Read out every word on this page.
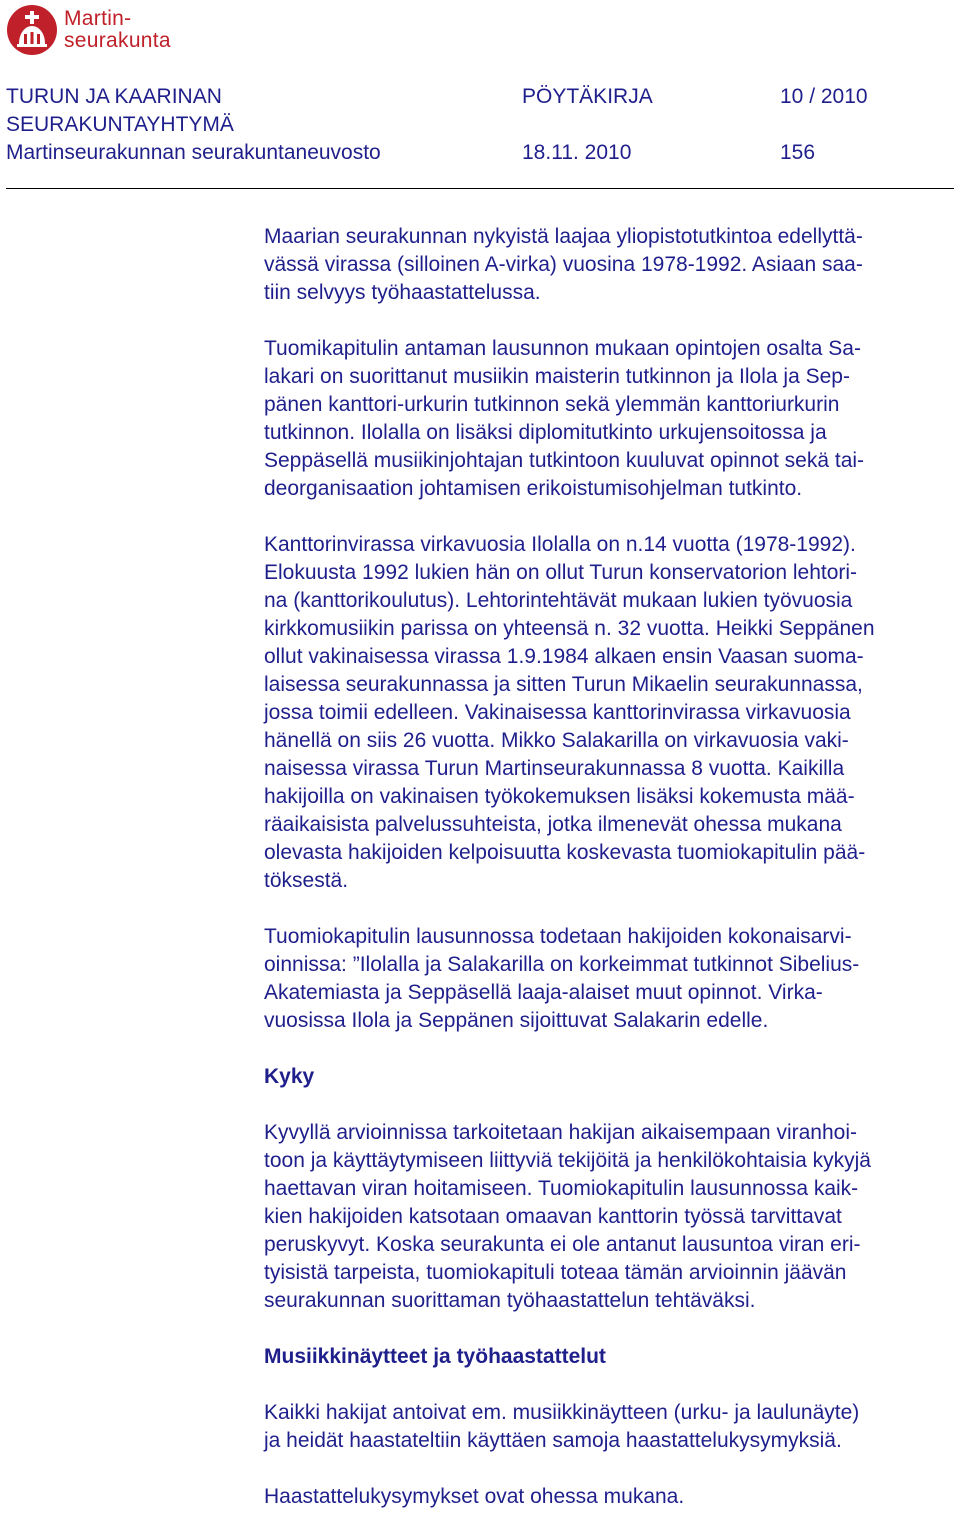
Martin-
seurakunta
TURUN JA KAARINAN
SEURAKUNTAYHTYMÄ
Martinseurakunnan seurakuntaneuvosto
PÖYTÄKIRJA
18.11. 2010
10 / 2010
156

Maarian seurakunnan nykyistä laajaa yliopistotutkintoa edellyttä-
vässä virassa (silloinen A-virka) vuosina 1978-1992. Asiaan saa-
tiin selvyys työhaastattelussa.

Tuomikapitulin antaman lausunnon mukaan opintojen osalta Sa-
lakari on suorittanut musiikin maisterin tutkinnon ja Ilola ja Sep-
pänen kanttori-urkurin tutkinnon sekä ylemmän kanttoriurkurin
tutkinnon. Ilolalla on lisäksi diplomitutkinto urkujensoitossa ja
Seppäsellä musiikinjohtajan tutkintoon kuuluvat opinnot sekä tai-
deorganisaation johtamisen erikoistumisohjelman tutkinto.

Kanttorinvirassa virkavuosia Ilolalla on n.14 vuotta (1978-1992).
Elokuusta 1992 lukien hän on ollut Turun konservatorion lehtori-
na (kanttorikoulutus). Lehtorintehtävät mukaan lukien työvuosia
kirkkomusiikin parissa on yhteensä n. 32 vuotta. Heikki Seppänen
ollut vakinaisessa virassa 1.9.1984 alkaen ensin Vaasan suoma-
laisessa seurakunnassa ja sitten Turun Mikaelin seurakunnassa,
jossa toimii edelleen. Vakinaisessa kanttorinvirassa virkavuosia
hänellä on siis 26 vuotta. Mikko Salakarilla on virkavuosia vaki-
naisessa virassa Turun Martinseurakunnassa 8 vuotta. Kaikilla
hakijoilla on vakinaisen työkokemuksen lisäksi kokemusta mää-
räaikaisista palvelussuhteista, jotka ilmenevät ohessa mukana
olevasta hakijoiden kelpoisuutta koskevasta tuomiokapitulin pää-
töksestä.

Tuomiokapitulin lausunnossa todetaan hakijoiden kokonaisarvi-
oinnissa: ”Ilolalla ja Salakarilla on korkeimmat tutkinnot Sibelius-
Akatemiasta ja Seppäsellä laaja-alaiset muut opinnot. Virka-
vuosissa Ilola ja Seppänen sijoittuvat Salakarin edelle.

Kyky

Kyvyllä arvioinnissa tarkoitetaan hakijan aikaisempaan viranhoi-
toon ja käyttäytymiseen liittyviä tekijöitä ja henkilökohtaisia kykyjä
haettavan viran hoitamiseen. Tuomiokapitulin lausunnossa kaik-
kien hakijoiden katsotaan omaavan kanttorin työssä tarvittavat
peruskyvyt. Koska seurakunta ei ole antanut lausuntoa viran eri-
tyisistä tarpeista, tuomiokapituli toteaa tämän arvioinnin jäävän
seurakunnan suorittaman työhaastattelun tehtäväksi.

Musiikkinäytteet ja työhaastattelut

Kaikki hakijat antoivat em. musiikkinäytteen (urku- ja laulunäyte)
ja heidät haastateltiin käyttäen samoja haastattelukysymyksiä.

Haastattelukysymykset ovat ohessa mukana.
